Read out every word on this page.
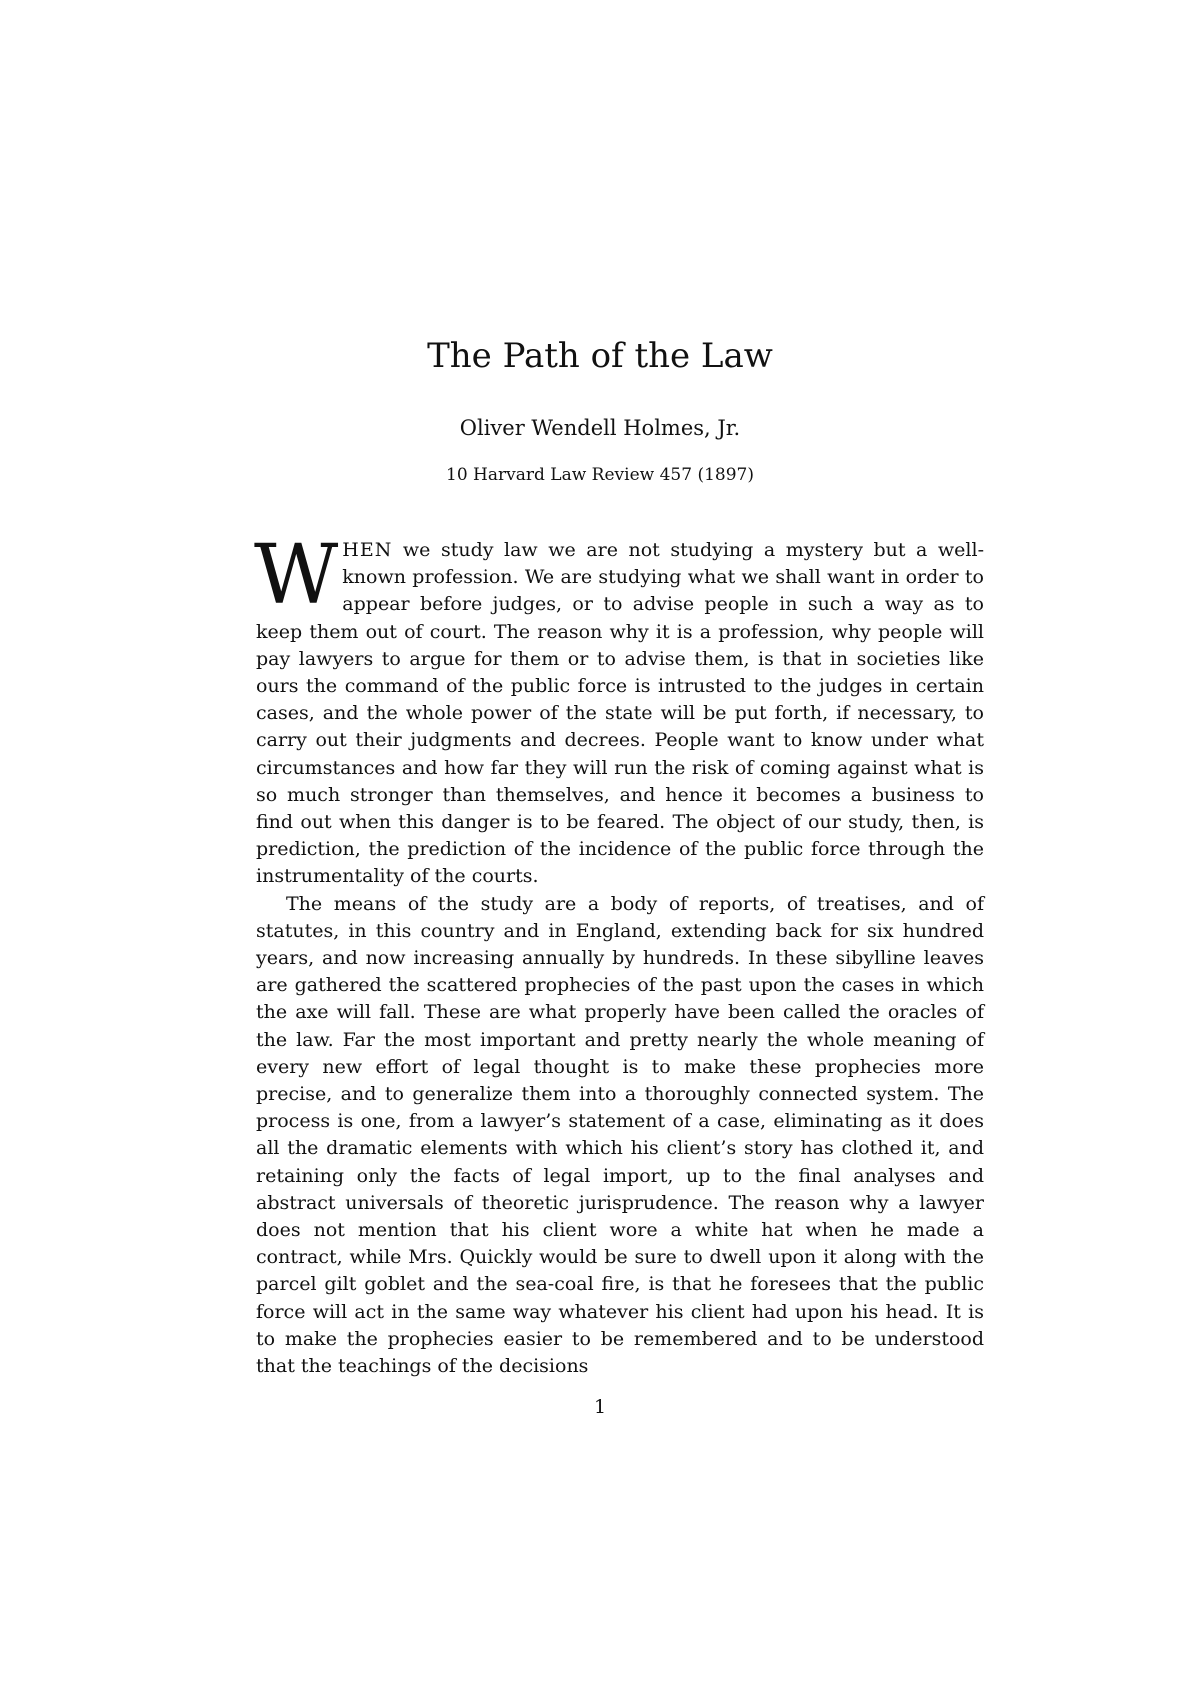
The Path of the Law
Oliver Wendell Holmes, Jr.
10 Harvard Law Review 457 (1897)

WHEN we study law we are not studying a mystery but a well-known profession. We are studying what we shall want in order to appear before judges, or to advise people in such a way as to keep them out of court. The reason why it is a profession, why people will pay lawyers to argue for them or to advise them, is that in societies like ours the command of the public force is intrusted to the judges in certain cases, and the whole power of the state will be put forth, if necessary, to carry out their judgments and decrees. People want to know under what circumstances and how far they will run the risk of coming against what is so much stronger than themselves, and hence it becomes a business to find out when this danger is to be feared. The object of our study, then, is prediction, the prediction of the incidence of the public force through the instrumentality of the courts.

The means of the study are a body of reports, of treatises, and of statutes, in this country and in England, extending back for six hundred years, and now increasing annually by hundreds. In these sibylline leaves are gathered the scattered prophecies of the past upon the cases in which the axe will fall. These are what properly have been called the oracles of the law. Far the most important and pretty nearly the whole meaning of every new effort of legal thought is to make these prophecies more precise, and to generalize them into a thoroughly connected system. The process is one, from a lawyer’s statement of a case, eliminating as it does all the dramatic elements with which his client’s story has clothed it, and retaining only the facts of legal import, up to the final analyses and abstract universals of theoretic jurisprudence. The reason why a lawyer does not mention that his client wore a white hat when he made a contract, while Mrs. Quickly would be sure to dwell upon it along with the parcel gilt goblet and the sea-coal fire, is that he foresees that the public force will act in the same way whatever his client had upon his head. It is to make the prophecies easier to be remembered and to be understood that the teachings of the decisions

1
